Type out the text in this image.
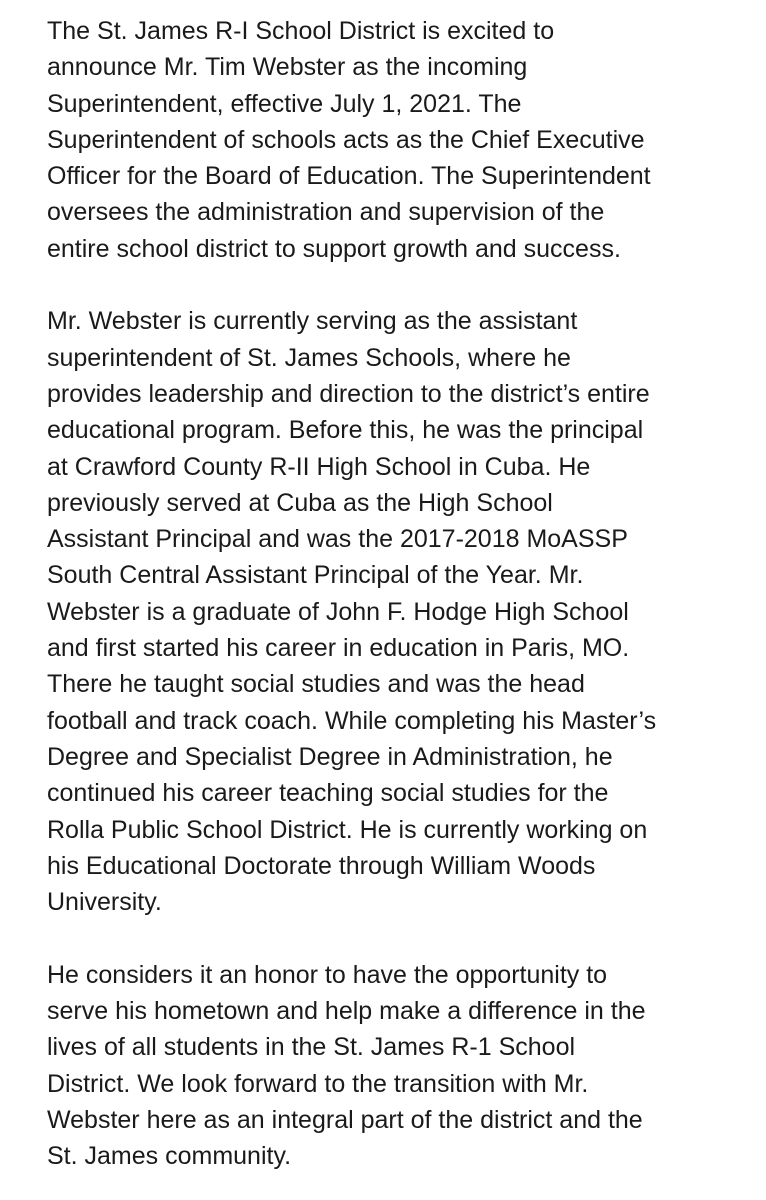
The St. James R-I School District is excited to
announce Mr. Tim Webster as the incoming
Superintendent, effective July 1, 2021. The
Superintendent of schools acts as the Chief Executive
Officer for the Board of Education. The Superintendent
oversees the administration and supervision of the
entire school district to support growth and success.
Mr. Webster is currently serving as the assistant
superintendent of St. James Schools, where he
provides leadership and direction to the district’s entire
educational program. Before this, he was the principal
at Crawford County R-II High School in Cuba. He
previously served at Cuba as the High School
Assistant Principal and was the 2017-2018 MoASSP
South Central Assistant Principal of the Year. Mr.
Webster is a graduate of John F. Hodge High School
and first started his career in education in Paris, MO.
There he taught social studies and was the head
football and track coach. While completing his Master’s
Degree and Specialist Degree in Administration, he
continued his career teaching social studies for the
Rolla Public School District. He is currently working on
his Educational Doctorate through William Woods
University.
He considers it an honor to have the opportunity to
serve his hometown and help make a difference in the
lives of all students in the St. James R-1 School
District. We look forward to the transition with Mr.
Webster here as an integral part of the district and the
St. James community.
